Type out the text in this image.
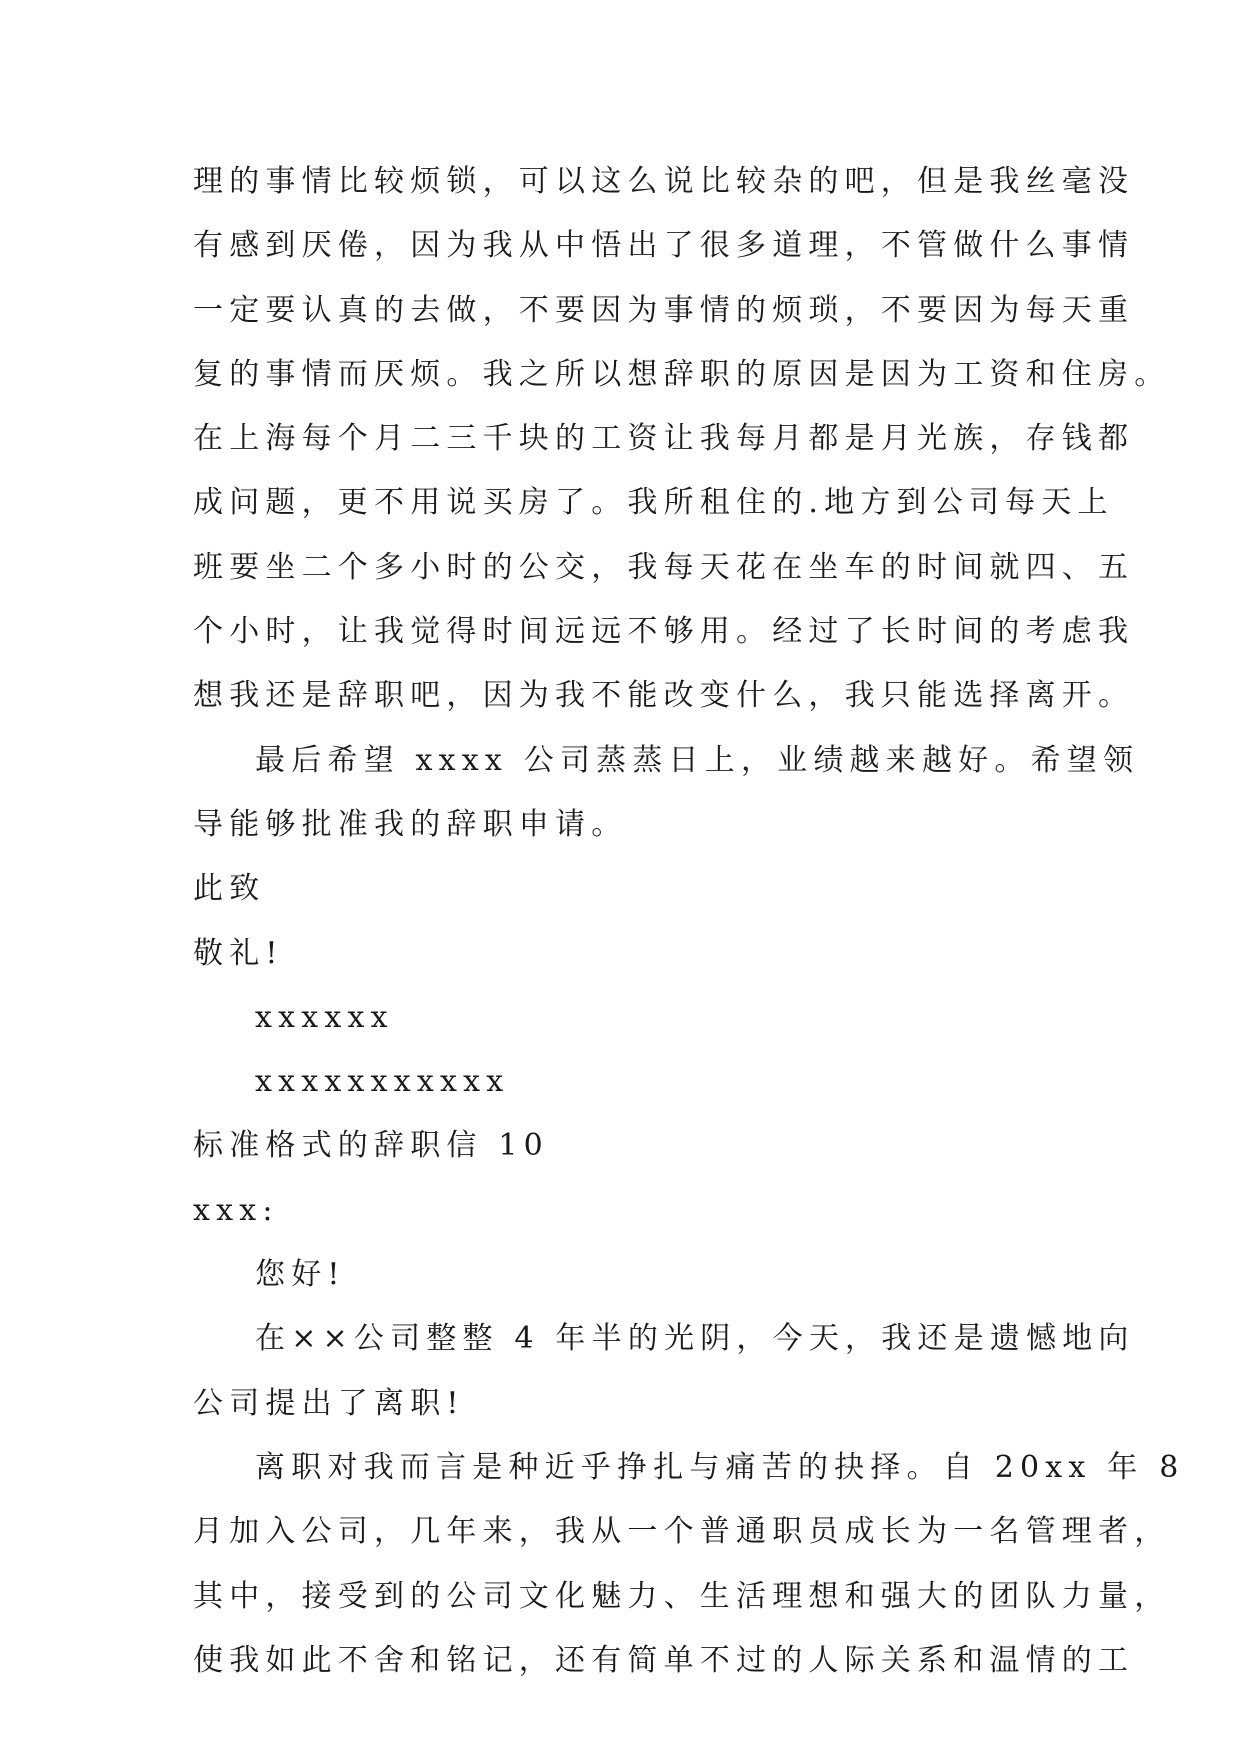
理的事情比较烦锁，可以这么说比较杂的吧，但是我丝毫没
有感到厌倦，因为我从中悟出了很多道理，不管做什么事情
一定要认真的去做，不要因为事情的烦琐，不要因为每天重
复的事情而厌烦。我之所以想辞职的原因是因为工资和住房。
在上海每个月二三千块的工资让我每月都是月光族，存钱都
成问题，更不用说买房了。我所租住的.地方到公司每天上
班要坐二个多小时的公交，我每天花在坐车的时间就四、五
个小时，让我觉得时间远远不够用。经过了长时间的考虑我
想我还是辞职吧，因为我不能改变什么，我只能选择离开。
最后希望 xxxx 公司蒸蒸日上，业绩越来越好。希望领
导能够批准我的辞职申请。
此致
敬礼!
xxxxxx
xxxxxxxxxxx
标准格式的辞职信 10
xxx:
您好!
在××公司整整 4 年半的光阴，今天，我还是遗憾地向
公司提出了离职!
离职对我而言是种近乎挣扎与痛苦的抉择。自 20xx 年 8
月加入公司，几年来，我从一个普通职员成长为一名管理者，
其中，接受到的公司文化魅力、生活理想和强大的团队力量，
使我如此不舍和铭记，还有简单不过的人际关系和温情的工
